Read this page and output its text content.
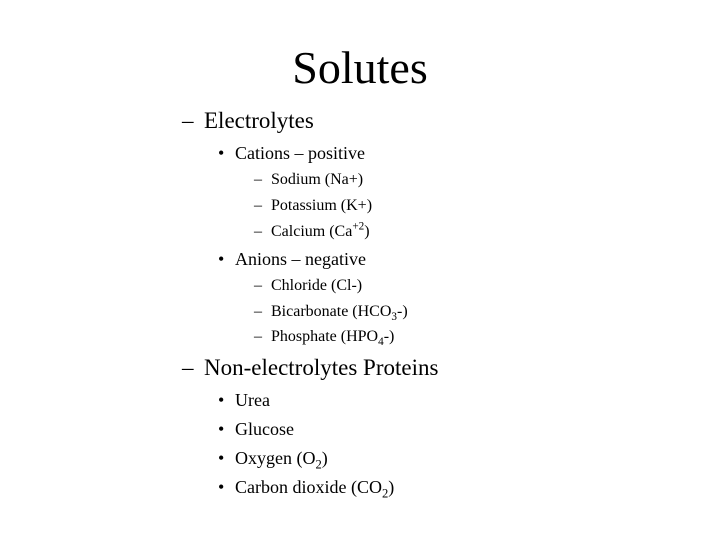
Solutes
– Electrolytes
• Cations – positive
– Sodium (Na+)
– Potassium (K+)
– Calcium $(Ca^{+2})$
• Anions – negative
– Chloride (Cl-)
– Bicarbonate $(HCO_3-)$
– Phosphate $(HPO_4-)$
– Non-electrolytes Proteins
• Urea
• Glucose
• Oxygen $(O_2)$
• Carbon dioxide $(CO_2)$
